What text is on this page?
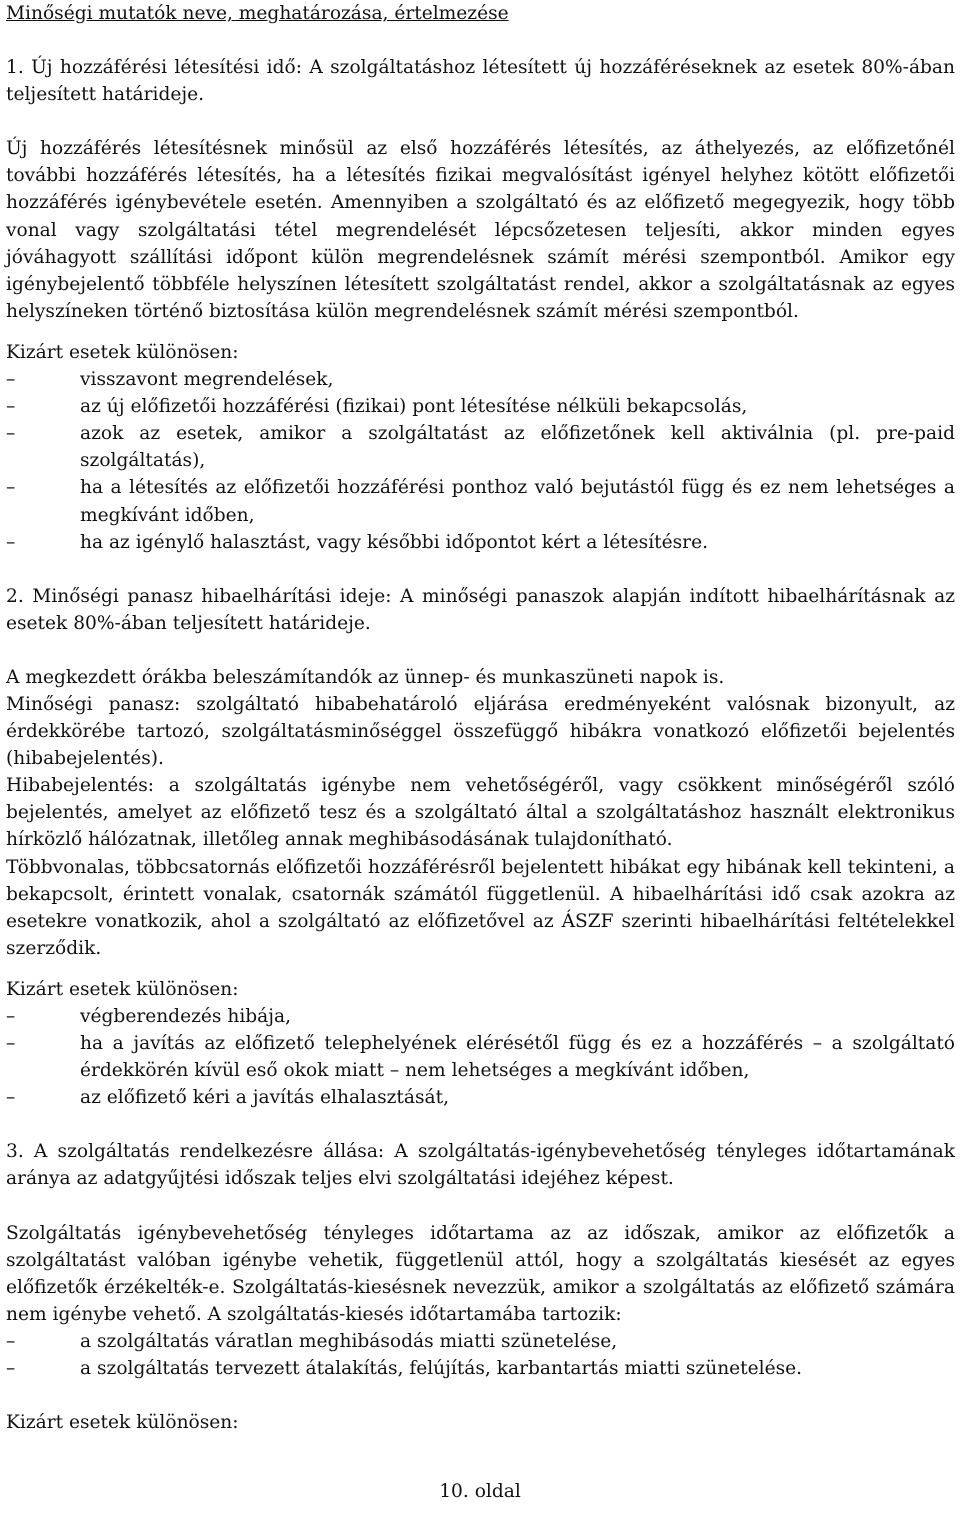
Minőségi mutatók neve, meghatározása, értelmezése

1. Új hozzáférési létesítési idő: A szolgáltatáshoz létesített új hozzáféréseknek az esetek 80%-ában teljesített határideje.

Új hozzáférés létesítésnek minősül az első hozzáférés létesítés, az áthelyezés, az előfizetőnél további hozzáférés létesítés, ha a létesítés fizikai megvalósítást igényel helyhez kötött előfizetői hozzáférés igénybevétele esetén. Amennyiben a szolgáltató és az előfizető megegyezik, hogy több vonal vagy szolgáltatási tétel megrendelését lépcsőzetesen teljesíti, akkor minden egyes jóváhagyott szállítási időpont külön megrendelésnek számít mérési szempontból. Amikor egy igénybejelentő többféle helyszínen létesített szolgáltatást rendel, akkor a szolgáltatásnak az egyes helyszíneken történő biztosítása külön megrendelésnek számít mérési szempontból.

Kizárt esetek különösen:

–	visszavont megrendelések,

–	az új előfizetői hozzáférési (fizikai) pont létesítése nélküli bekapcsolás,

–	azok az esetek, amikor a szolgáltatást az előfizetőnek kell aktiválnia (pl. pre-paid szolgáltatás),

–	ha a létesítés az előfizetői hozzáférési ponthoz való bejutástól függ és ez nem lehetséges a megkívánt időben,

–	ha az igénylő halasztást, vagy későbbi időpontot kért a létesítésre.

2. Minőségi panasz hibaelhárítási ideje: A minőségi panaszok alapján indított hibaelhárításnak az esetek 80%-ában teljesített határideje.

A megkezdett órákba beleszámítandók az ünnep- és munkaszüneti napok is.

Minőségi panasz: szolgáltató hibabehatároló eljárása eredményeként valósnak bizonyult, az érdekkörébe tartozó, szolgáltatásminőséggel összefüggő hibákra vonatkozó előfizetői bejelentés (hibabejelentés).

Hibabejelentés: a szolgáltatás igénybe nem vehetőségéről, vagy csökkent minőségéről szóló bejelentés, amelyet az előfizető tesz és a szolgáltató által a szolgáltatáshoz használt elektronikus hírközlő hálózatnak, illetőleg annak meghibásodásának tulajdonítható.

Többvonalas, többcsatornás előfizetői hozzáférésről bejelentett hibákat egy hibának kell tekinteni, a bekapcsolt, érintett vonalak, csatornák számától függetlenül. A hibaelhárítási idő csak azokra az esetekre vonatkozik, ahol a szolgáltató az előfizetővel az ÁSZF szerinti hibaelhárítási feltételekkel szerződik.

Kizárt esetek különösen:

–	végberendezés hibája,

–	ha a javítás az előfizető telephelyének elérésétől függ és ez a hozzáférés – a szolgáltató érdekkörén kívül eső okok miatt – nem lehetséges a megkívánt időben,

–	az előfizető kéri a javítás elhalasztását,

3. A szolgáltatás rendelkezésre állása: A szolgáltatás-igénybevehetőség tényleges időtartamának aránya az adatgyűjtési időszak teljes elvi szolgáltatási idejéhez képest.

Szolgáltatás igénybevehetőség tényleges időtartama az az időszak, amikor az előfizetők a szolgáltatást valóban igénybe vehetik, függetlenül attól, hogy a szolgáltatás kiesését az egyes előfizetők érzékelték-e. Szolgáltatás-kiesésnek nevezzük, amikor a szolgáltatás az előfizető számára nem igénybe vehető. A szolgáltatás-kiesés időtartamába tartozik:

–	a szolgáltatás váratlan meghibásodás miatti szünetelése,

–	a szolgáltatás tervezett átalakítás, felújítás, karbantartás miatti szünetelése.

Kizárt esetek különösen:

10. oldal
